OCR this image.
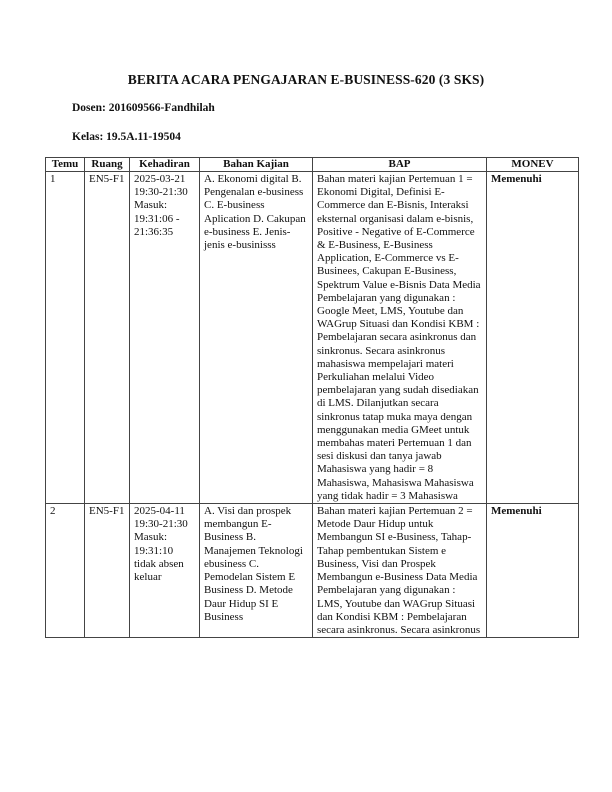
BERITA ACARA PENGAJARAN E-BUSINESS-620 (3 SKS)
Dosen: 201609566-Fandhilah
Kelas: 19.5A.11-19504
Temu	Ruang	Kehadiran	Bahan Kajian	BAP	MONEV
1	EN5-F1	2025-03-21 19:30-21:30 Masuk: 19:31:06 - 21:36:35	A. Ekonomi digital B. Pengenalan e-business C. E-business Aplication D. Cakupan e-business E. Jenis-jenis e-businisss	Bahan materi kajian Pertemuan 1 = Ekonomi Digital, Definisi E-Commerce dan E-Bisnis, Interaksi eksternal organisasi dalam e-bisnis, Positive - Negative of E-Commerce & E-Business, E-Business Application, E-Commerce vs E-Businees, Cakupan E-Business, Spektrum Value e-Bisnis Data Media Pembelajaran yang digunakan : Google Meet, LMS, Youtube dan WAGrup Situasi dan Kondisi KBM : Pembelajaran secara asinkronus dan sinkronus. Secara asinkronus mahasiswa mempelajari materi Perkuliahan melalui Video pembelajaran yang sudah disediakan di LMS. Dilanjutkan secara sinkronus tatap muka maya dengan menggunakan media GMeet untuk membahas materi Pertemuan 1 dan sesi diskusi dan tanya jawab Mahasiswa yang hadir = 8 Mahasiswa, Mahasiswa Mahasiswa yang tidak hadir = 3 Mahasiswa	Memenuhi
2	EN5-F1	2025-04-11 19:30-21:30 Masuk: 19:31:10 tidak absen keluar	A. Visi dan prospek membangun E-Business B. Manajemen Teknologi ebusiness C. Pemodelan Sistem E Business D. Metode Daur Hidup SI E Business	Bahan materi kajian Pertemuan 2 = Metode Daur Hidup untuk Membangun SI e-Business, Tahap-Tahap pembentukan Sistem e Business, Visi dan Prospek Membangun e-Business Data Media Pembelajaran yang digunakan : LMS, Youtube dan WAGrup Situasi dan Kondisi KBM : Pembelajaran secara asinkronus. Secara asinkronus	Memenuhi
